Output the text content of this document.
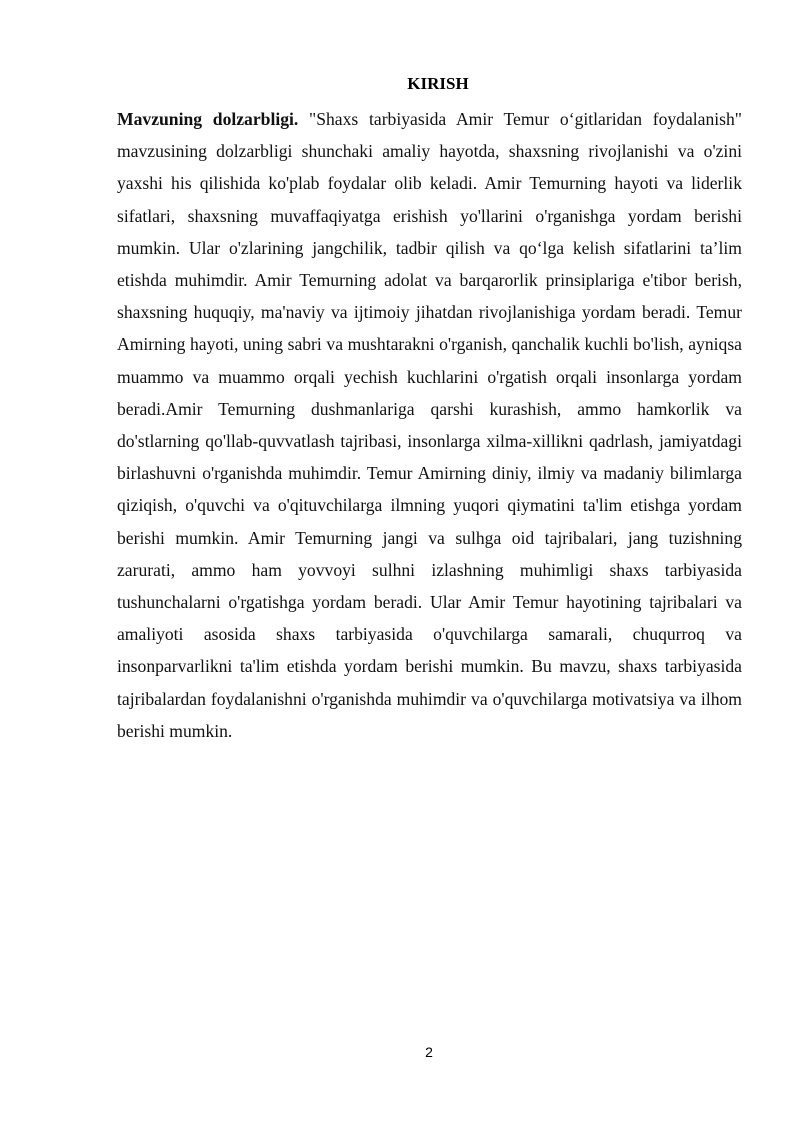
KIRISH

Mavzuning dolzarbligi. "Shaxs tarbiyasida Amir Temur o‘gitlaridan foydalanish" mavzusining dolzarbligi shunchaki amaliy hayotda, shaxsning rivojlanishi va o'zini yaxshi his qilishida ko'plab foydalar olib keladi. Amir Temurning hayoti va liderlik sifatlari, shaxsning muvaffaqiyatga erishish yo'llarini o'rganishga yordam berishi mumkin. Ular o'zlarining jangchilik, tadbir qilish va qo‘lga kelish sifatlarini ta’lim etishda muhimdir. Amir Temurning adolat va barqarorlik prinsiplariga e'tibor berish, shaxsning huquqiy, ma'naviy va ijtimoiy jihatdan rivojlanishiga yordam beradi. Temur Amirning hayoti, uning sabri va mushtarakni o'rganish, qanchalik kuchli bo'lish, ayniqsa muammo va muammo orqali yechish kuchlarini o'rgatish orqali insonlarga yordam beradi.Amir Temurning dushmanlariga qarshi kurashish, ammo hamkorlik va do'stlarning qo'llab-quvvatlash tajribasi, insonlarga xilma-xillikni qadrlash, jamiyatdagi birlashuvni o'rganishda muhimdir. Temur Amirning diniy, ilmiy va madaniy bilimlarga qiziqish, o'quvchi va o'qituvchilarga ilmning yuqori qiymatini ta'lim etishga yordam berishi mumkin. Amir Temurning jangi va sulhga oid tajribalari, jang tuzishning zarurati, ammo ham yovvoyi sulhni izlashning muhimligi shaxs tarbiyasida tushunchalarni o'rgatishga yordam beradi. Ular Amir Temur hayotining tajribalari va amaliyoti asosida shaxs tarbiyasida o'quvchilarga samarali, chuqurroq va insonparvarlikni ta'lim etishda yordam berishi mumkin. Bu mavzu, shaxs tarbiyasida tajribalardan foydalanishni o'rganishda muhimdir va o'quvchilarga motivatsiya va ilhom berishi mumkin.

2
